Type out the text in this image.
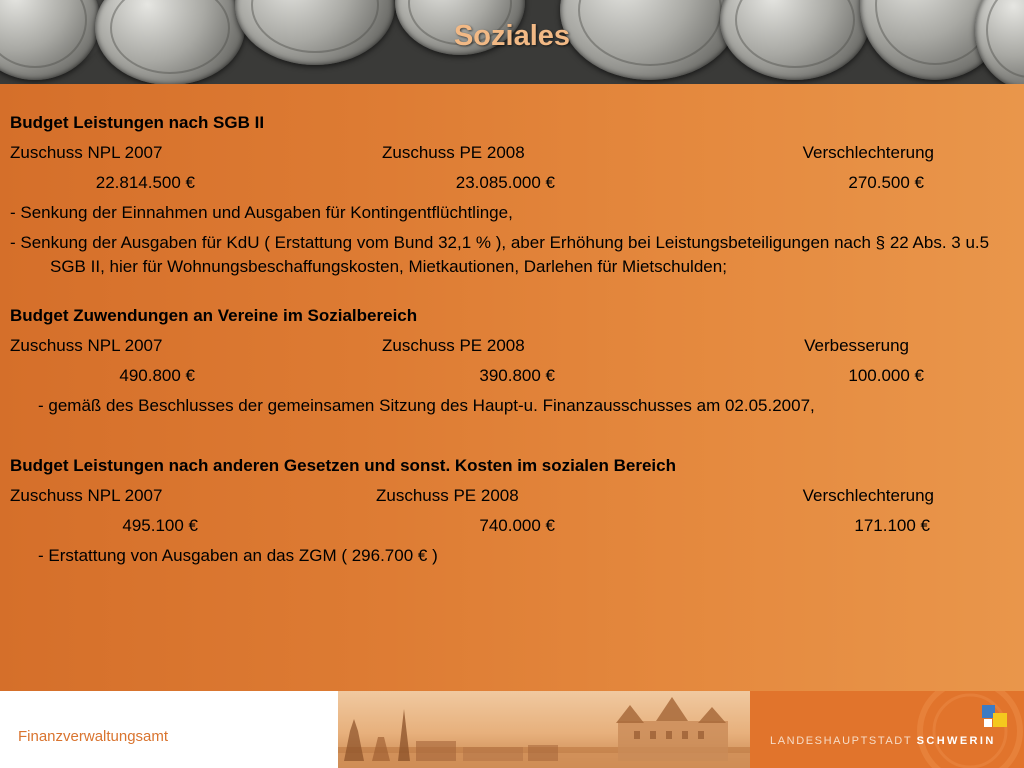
Soziales
Budget Leistungen nach SGB II
Zuschuss NPL 2007	Zuschuss PE 2008	Verschlechterung
22.814.500 €	23.085.000 €	270.500 €
- Senkung der Einnahmen und Ausgaben für Kontingentflüchtlinge,
- Senkung der Ausgaben für KdU ( Erstattung vom Bund 32,1 % ), aber Erhöhung bei Leistungsbeteiligungen nach § 22 Abs. 3 u.5 SGB II, hier für Wohnungsbeschaffungskosten, Mietkautionen, Darlehen für Mietschulden;
Budget Zuwendungen an Vereine im Sozialbereich
Zuschuss NPL 2007	Zuschuss PE 2008	Verbesserung
490.800 €	390.800 €	100.000 €
- gemäß des Beschlusses der gemeinsamen Sitzung des Haupt-u. Finanzausschusses am 02.05.2007,
Budget Leistungen nach anderen Gesetzen und sonst. Kosten im sozialen Bereich
Zuschuss NPL 2007	Zuschuss PE 2008	Verschlechterung
495.100 €	740.000 €	171.100 €
- Erstattung von Ausgaben an das ZGM ( 296.700 € )
Finanzverwaltungsamt	LANDESHAUPTSTADT SCHWERIN
